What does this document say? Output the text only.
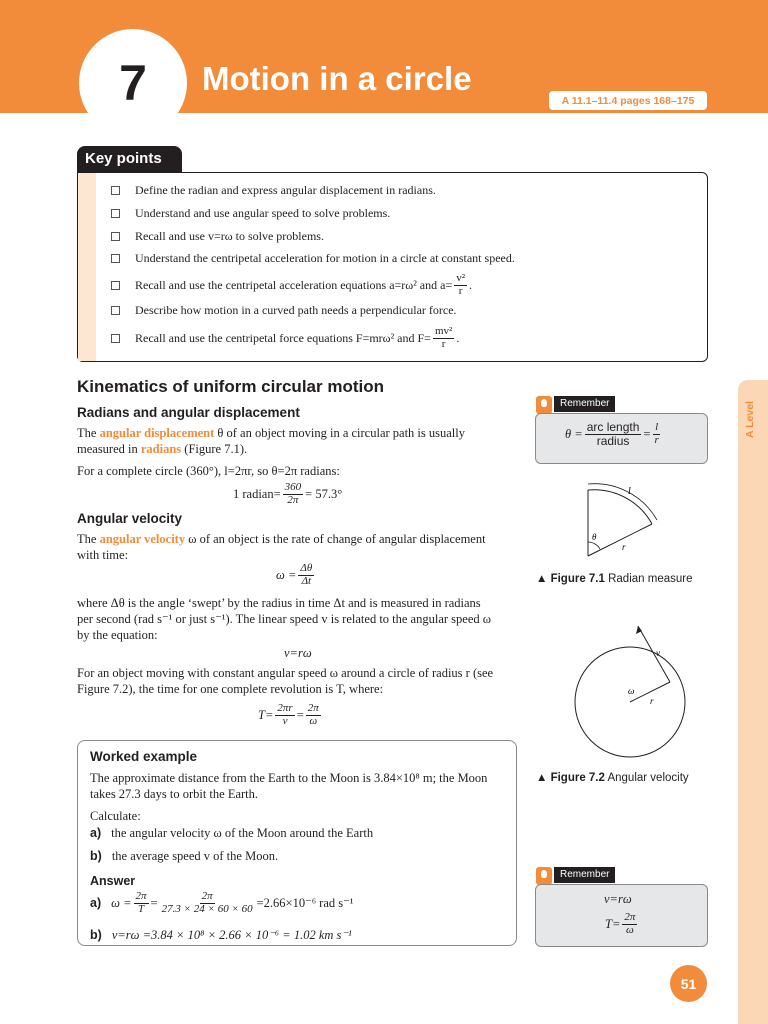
7 Motion in a circle
A 11.1–11.4 pages 168–175
A Level
Key points
Define the radian and express angular displacement in radians.
Understand and use angular speed to solve problems.
Recall and use v=rω to solve problems.
Understand the centripetal acceleration for motion in a circle at constant speed.
Recall and use the centripetal acceleration equations a=rω² and $a= \frac{\text{v²}}{r}$ .
Describe how motion in a curved path needs a perpendicular force.
Recall and use the centripetal force equations F=mrω² and $F= \frac{\text{mv²}}{r}$ .
Kinematics of uniform circular motion
Radians and angular displacement
The angular displacement θ of an object moving in a circular path is usually measured in radians (Figure 7.1).
For a complete circle (360°), l=2πr, so θ=2π radians:
1 radian= $\frac{360}{2\pi} = 57.3^\circ$
Angular velocity
The angular velocity ω of an object is the rate of change of angular displacement with time:
$\omega = \frac{\Delta\theta}{\Delta t}$
where Δθ is the angle ‘swept’ by the radius in time Δt and is measured in radians per second (rad s⁻¹ or just s⁻¹). The linear speed v is related to the angular speed ω by the equation:
v=rω
For an object moving with constant angular speed ω around a circle of radius r (see Figure 7.2), the time for one complete revolution is T, where:
$T= \frac{2\pi r}{v} = \frac{2\pi}{\omega}$
Worked example
The approximate distance from the Earth to the Moon is 3.84×10⁸ m; the Moon takes 27.3 days to orbit the Earth.
Calculate:
a) the angular velocity ω of the Moon around the Earth
b) the average speed v of the Moon.
Answer
a) $\omega = \frac{2\pi}{T} = \frac{2\pi}{27.3 \times 24 \times 60 \times 60} =2.66\times 10^{-6}$ rad s⁻¹
b) v=rω =3.84 × 10⁸ × 2.66 × 10⁻⁶ = 1.02 km s⁻¹
Remember
$\theta = \frac{\text{arc length}}{\text{radius}} = \frac{l}{r}$
l
θ
r
▲ Figure 7.1 Radian measure
v
ω
r
▲ Figure 7.2 Angular velocity
Remember
v=rω
$T= \frac{2\pi}{\omega}$
51
